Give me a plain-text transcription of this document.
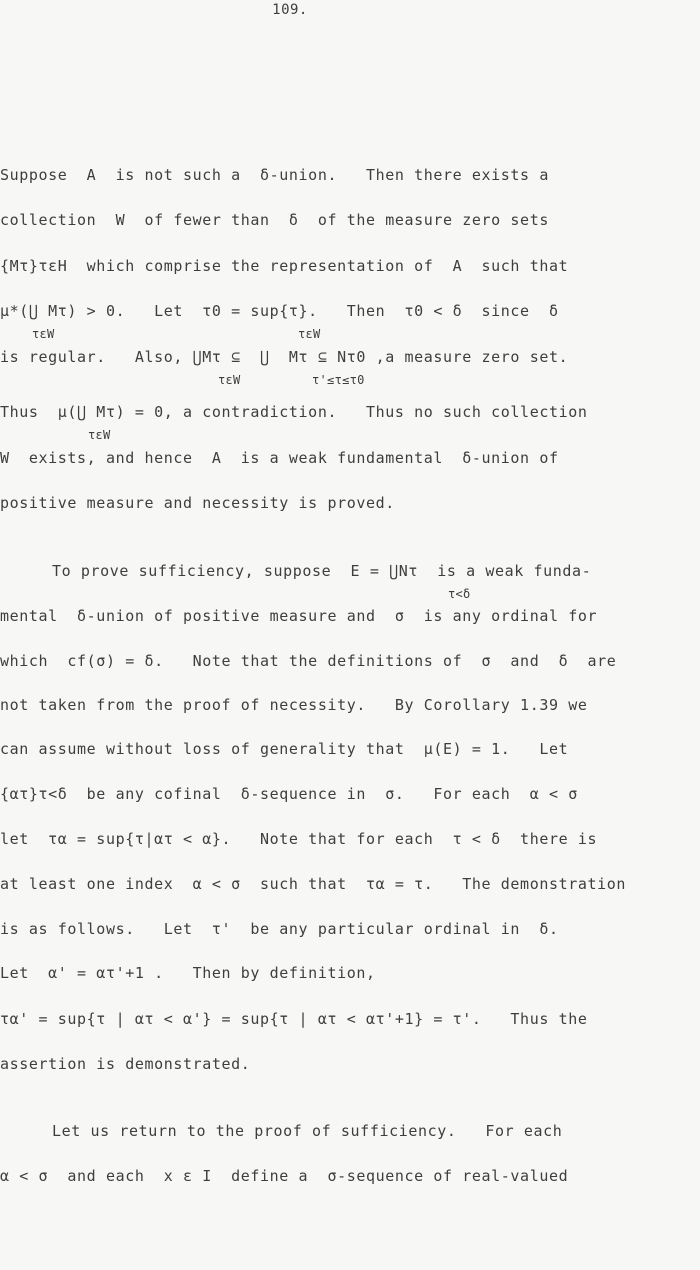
109.
Suppose  A  is not such a  δ-union.   Then there exists a
collection  W  of fewer than  δ  of the measure zero sets
{Mτ}τεH  which comprise the representation of  A  such that
μ*(⋃ Mτ) > 0.   Let  τ0 = sup{τ}.   Then  τ0 < δ  since  δ
τεW	τεW
is regular.   Also, ⋃Mτ ⊆  ⋃  Mτ ⊆ Nτ0 ,a measure zero set.
τεW	τ'≤τ≤τ0
Thus  μ(⋃ Mτ) = 0, a contradiction.   Thus no such collection
τεW
W  exists, and hence  A  is a weak fundamental  δ-union of
positive measure and necessity is proved.
To prove sufficiency, suppose  E = ⋃Nτ  is a weak funda-
τ<δ
mental  δ-union of positive measure and  σ  is any ordinal for
which  cf(σ) = δ.   Note that the definitions of  σ  and  δ  are
not taken from the proof of necessity.   By Corollary 1.39 we
can assume without loss of generality that  μ(E) = 1.   Let
{ατ}τ<δ  be any cofinal  δ-sequence in  σ.   For each  α < σ
let  τα = sup{τ|ατ < α}.   Note that for each  τ < δ  there is
at least one index  α < σ  such that  τα = τ.   The demonstration
is as follows.   Let  τ'  be any particular ordinal in  δ.
Let  α' = ατ'+1 .   Then by definition,
τα' = sup{τ | ατ < α'} = sup{τ | ατ < ατ'+1} = τ'.   Thus the
assertion is demonstrated.
Let us return to the proof of sufficiency.   For each
α < σ  and each  x ε I  define a  σ-sequence of real-valued
